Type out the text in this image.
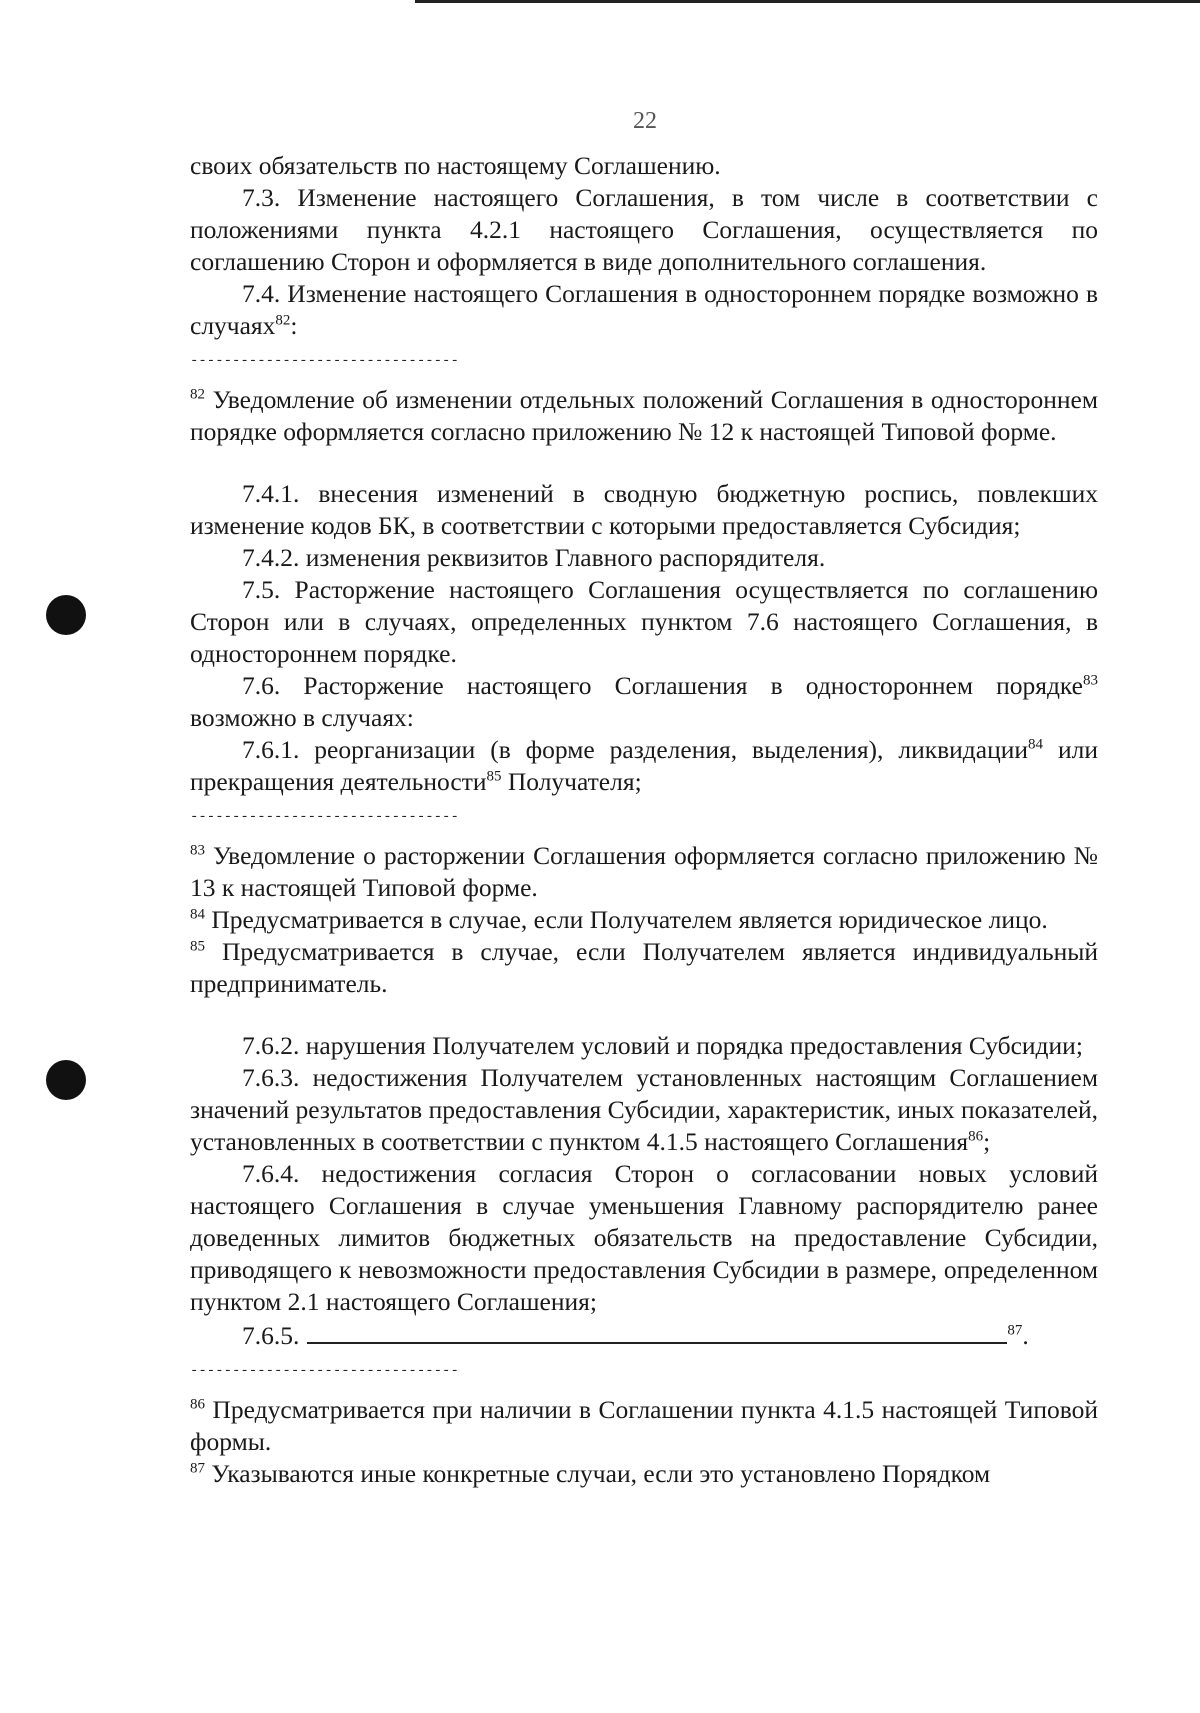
22

своих обязательств по настоящему Соглашению.

7.3. Изменение настоящего Соглашения, в том числе в соответствии с положениями пункта 4.2.1 настоящего Соглашения, осуществляется по соглашению Сторон и оформляется в виде дополнительного соглашения.

7.4. Изменение настоящего Соглашения в одностороннем порядке возможно в случаях$^{82}$:

--------------------------------

$^{82}$ Уведомление об изменении отдельных положений Соглашения в одностороннем порядке оформляется согласно приложению № 12 к настоящей Типовой форме.

7.4.1. внесения изменений в сводную бюджетную роспись, повлекших изменение кодов БК, в соответствии с которыми предоставляется Субсидия;

7.4.2. изменения реквизитов Главного распорядителя.

7.5. Расторжение настоящего Соглашения осуществляется по соглашению Сторон или в случаях, определенных пунктом 7.6 настоящего Соглашения, в одностороннем порядке.

7.6. Расторжение настоящего Соглашения в одностороннем порядке$^{83}$ возможно в случаях:

7.6.1. реорганизации (в форме разделения, выделения), ликвидации$^{84}$ или прекращения деятельности$^{85}$ Получателя;

--------------------------------

$^{83}$ Уведомление о расторжении Соглашения оформляется согласно приложению № 13 к настоящей Типовой форме.

$^{84}$ Предусматривается в случае, если Получателем является юридическое лицо.

$^{85}$ Предусматривается в случае, если Получателем является индивидуальный предприниматель.

7.6.2. нарушения Получателем условий и порядка предоставления Субсидии;

7.6.3. недостижения Получателем установленных настоящим Соглашением значений результатов предоставления Субсидии, характеристик, иных показателей, установленных в соответствии с пунктом 4.1.5 настоящего Соглашения$^{86}$;

7.6.4. недостижения согласия Сторон о согласовании новых условий настоящего Соглашения в случае уменьшения Главному распорядителю ранее доведенных лимитов бюджетных обязательств на предоставление Субсидии, приводящего к невозможности предоставления Субсидии в размере, определенном пунктом 2.1 настоящего Соглашения;

7.6.5.	$^{87}$.

--------------------------------

$^{86}$ Предусматривается при наличии в Соглашении пункта 4.1.5 настоящей Типовой формы.

$^{87}$ Указываются иные конкретные случаи, если это установлено Порядком
